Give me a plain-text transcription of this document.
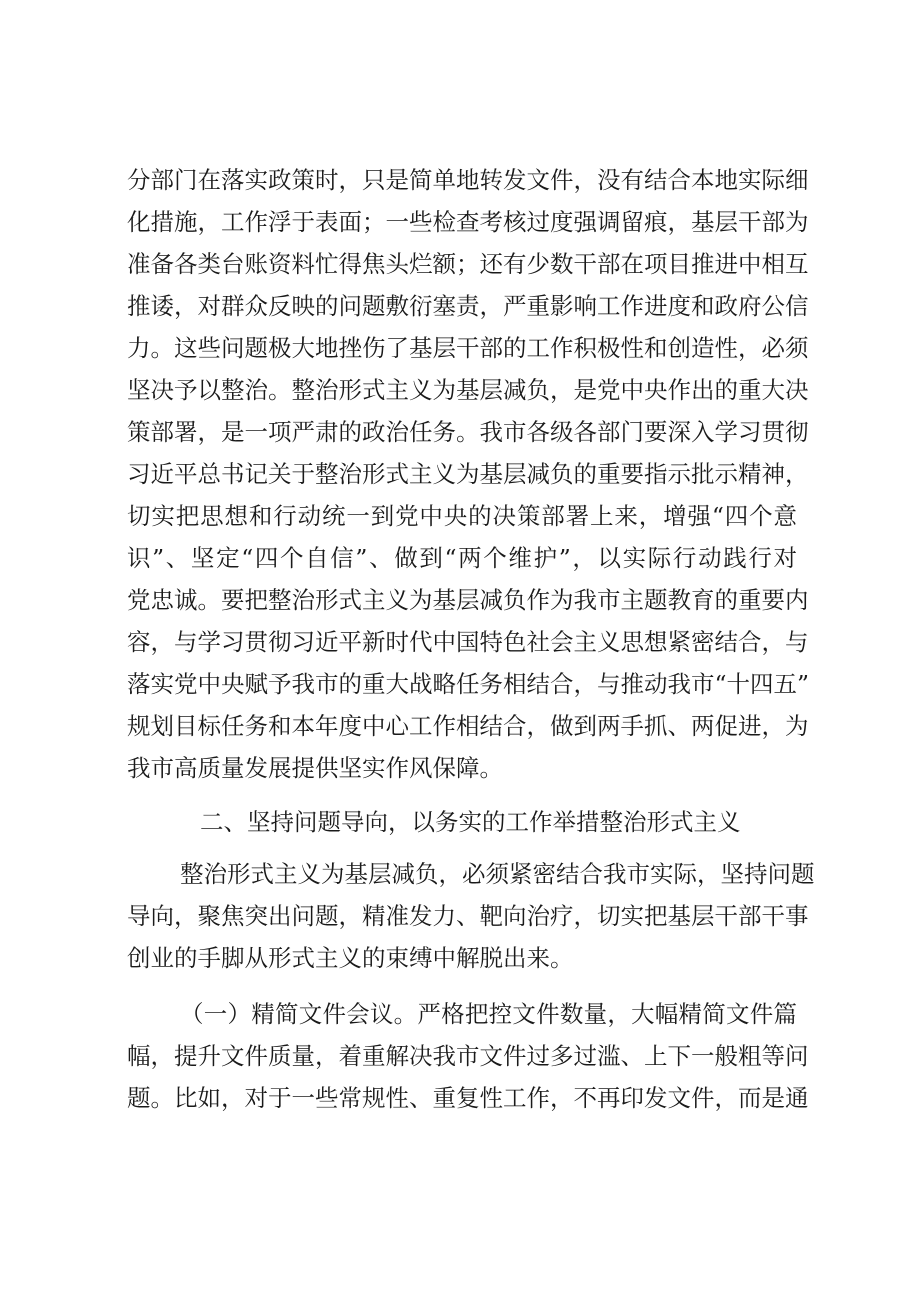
分部门在落实政策时，只是简单地转发文件，没有结合本地实际细
化措施，工作浮于表面；一些检查考核过度强调留痕，基层干部为
准备各类台账资料忙得焦头烂额；还有少数干部在项目推进中相互
推诿，对群众反映的问题敷衍塞责，严重影响工作进度和政府公信
力。这些问题极大地挫伤了基层干部的工作积极性和创造性，必须
坚决予以整治。整治形式主义为基层减负，是党中央作出的重大决
策部署，是一项严肃的政治任务。我市各级各部门要深入学习贯彻
习近平总书记关于整治形式主义为基层减负的重要指示批示精神，
切实把思想和行动统一到党中央的决策部署上来，增强“四个意
识”、坚定“四个自信”、做到“两个维护”，以实际行动践行对
党忠诚。要把整治形式主义为基层减负作为我市主题教育的重要内
容，与学习贯彻习近平新时代中国特色社会主义思想紧密结合，与
落实党中央赋予我市的重大战略任务相结合，与推动我市“十四五”
规划目标任务和本年度中心工作相结合，做到两手抓、两促进，为
我市高质量发展提供坚实作风保障。
二、坚持问题导向，以务实的工作举措整治形式主义
整治形式主义为基层减负，必须紧密结合我市实际，坚持问题
导向，聚焦突出问题，精准发力、靶向治疗，切实把基层干部干事
创业的手脚从形式主义的束缚中解脱出来。
（一）精简文件会议。严格把控文件数量，大幅精简文件篇
幅，提升文件质量，着重解决我市文件过多过滥、上下一般粗等问
题。比如，对于一些常规性、重复性工作，不再印发文件，而是通
